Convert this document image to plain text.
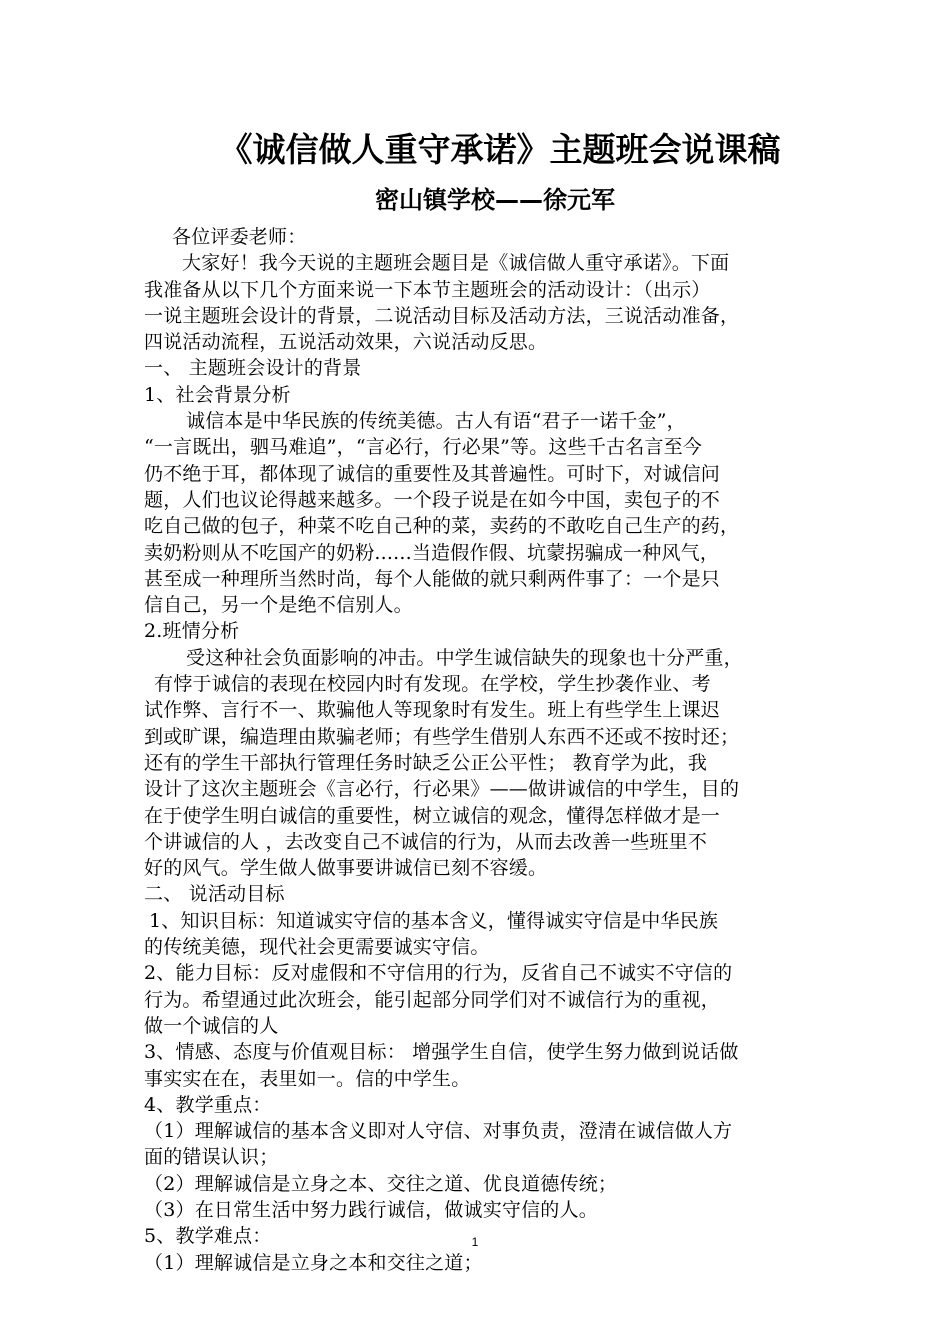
《诚信做人重守承诺》主题班会说课稿
密山镇学校——徐元军
各位评委老师：
大家好！我今天说的主题班会题目是《诚信做人重守承诺》。下面
我准备从以下几个方面来说一下本节主题班会的活动设计：（出示）
一说主题班会设计的背景，二说活动目标及活动方法，三说活动准备，
四说活动流程，五说活动效果，六说活动反思。
一、 主题班会设计的背景
1、社会背景分析
诚信本是中华民族的传统美德。古人有语“君子一诺千金”，
“一言既出，驷马难追”，“言必行，行必果”等。这些千古名言至今
仍不绝于耳，都体现了诚信的重要性及其普遍性。可时下，对诚信问
题，人们也议论得越来越多。一个段子说是在如今中国，卖包子的不
吃自己做的包子，种菜不吃自己种的菜，卖药的不敢吃自己生产的药，
卖奶粉则从不吃国产的奶粉......当造假作假、坑蒙拐骗成一种风气，
甚至成一种理所当然时尚，每个人能做的就只剩两件事了：一个是只
信自己，另一个是绝不信别人。
2.班情分析
受这种社会负面影响的冲击。中学生诚信缺失的现象也十分严重，
有悖于诚信的表现在校园内时有发现。在学校，学生抄袭作业、考
试作弊、言行不一、欺骗他人等现象时有发生。班上有些学生上课迟
到或旷课，编造理由欺骗老师；有些学生借别人东西不还或不按时还；
还有的学生干部执行管理任务时缺乏公正公平性； 教育学为此，我
设计了这次主题班会《言必行，行必果》——做讲诚信的中学生，目的
在于使学生明白诚信的重要性，树立诚信的观念，懂得怎样做才是一
个讲诚信的人 ，去改变自己不诚信的行为，从而去改善一些班里不
好的风气。学生做人做事要讲诚信已刻不容缓。
二、 说活动目标
1、知识目标：知道诚实守信的基本含义，懂得诚实守信是中华民族
的传统美德，现代社会更需要诚实守信。
2、能力目标：反对虚假和不守信用的行为，反省自己不诚实不守信的
行为。希望通过此次班会，能引起部分同学们对不诚信行为的重视，
做一个诚信的人
3、情感、态度与价值观目标： 增强学生自信，使学生努力做到说话做
事实实在在，表里如一。信的中学生。
4、教学重点：
（1）理解诚信的基本含义即对人守信、对事负责，澄清在诚信做人方
面的错误认识；
（2）理解诚信是立身之本、交往之道、优良道德传统；
（3）在日常生活中努力践行诚信，做诚实守信的人。
5、教学难点：
（1）理解诚信是立身之本和交往之道；
1
